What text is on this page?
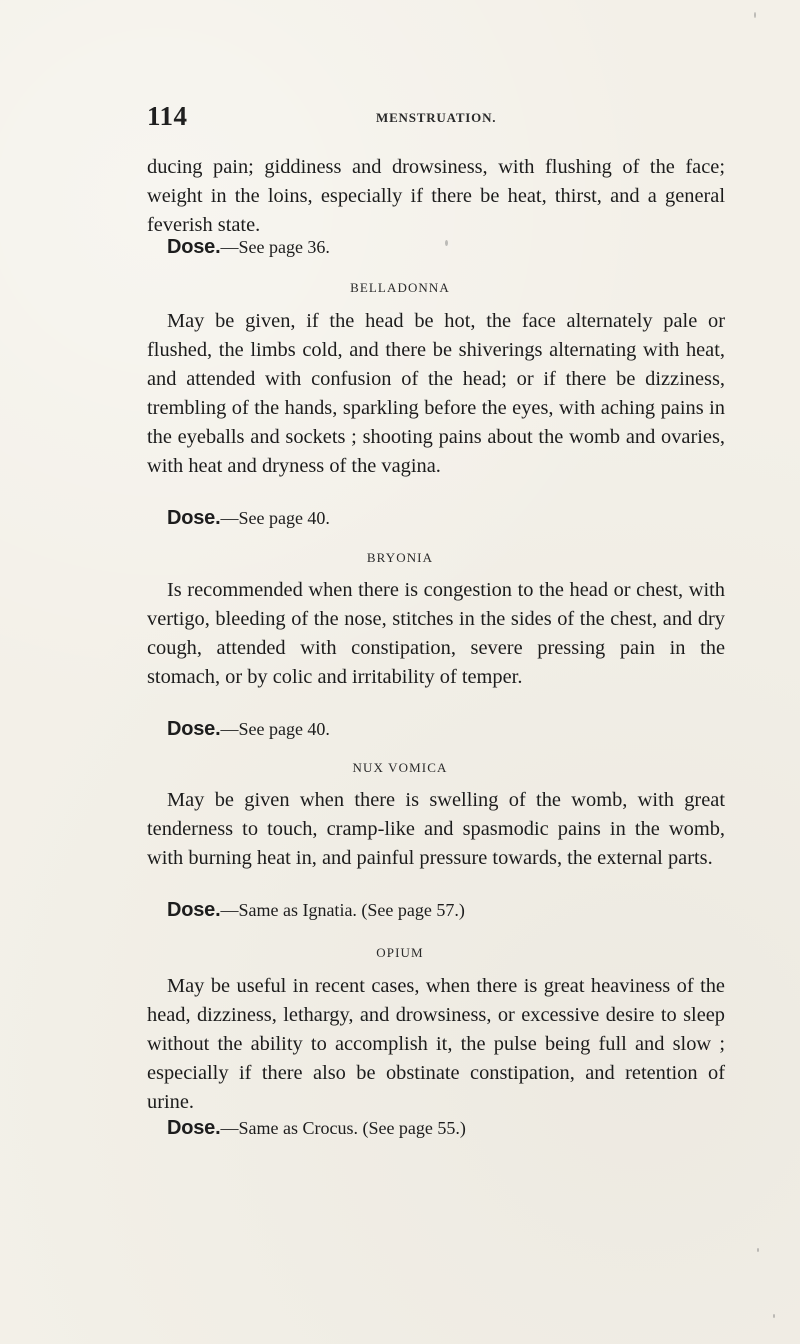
114	MENSTRUATION.
ducing pain; giddiness and drowsiness, with flushing of the face; weight in the loins, especially if there be heat, thirst, and a general feverish state.
Dose.—See page 36.
BELLADONNA
May be given, if the head be hot, the face alternately pale or flushed, the limbs cold, and there be shiverings alternating with heat, and attended with confusion of the head; or if there be dizziness, trembling of the hands, sparkling before the eyes, with aching pains in the eyeballs and sockets ; shooting pains about the womb and ovaries, with heat and dryness of the vagina.
Dose.—See page 40.
BRYONIA
Is recommended when there is congestion to the head or chest, with vertigo, bleeding of the nose, stitches in the sides of the chest, and dry cough, attended with constipation, severe pressing pain in the stomach, or by colic and irritability of temper.
Dose.—See page 40.
NUX VOMICA
May be given when there is swelling of the womb, with great tenderness to touch, cramp-like and spasmodic pains in the womb, with burning heat in, and painful pressure towards, the external parts.
Dose.—Same as Ignatia. (See page 57.)
OPIUM
May be useful in recent cases, when there is great heaviness of the head, dizziness, lethargy, and drowsiness, or excessive desire to sleep without the ability to accomplish it, the pulse being full and slow ; especially if there also be obstinate constipation, and retention of urine.
Dose.—Same as Crocus. (See page 55.)
